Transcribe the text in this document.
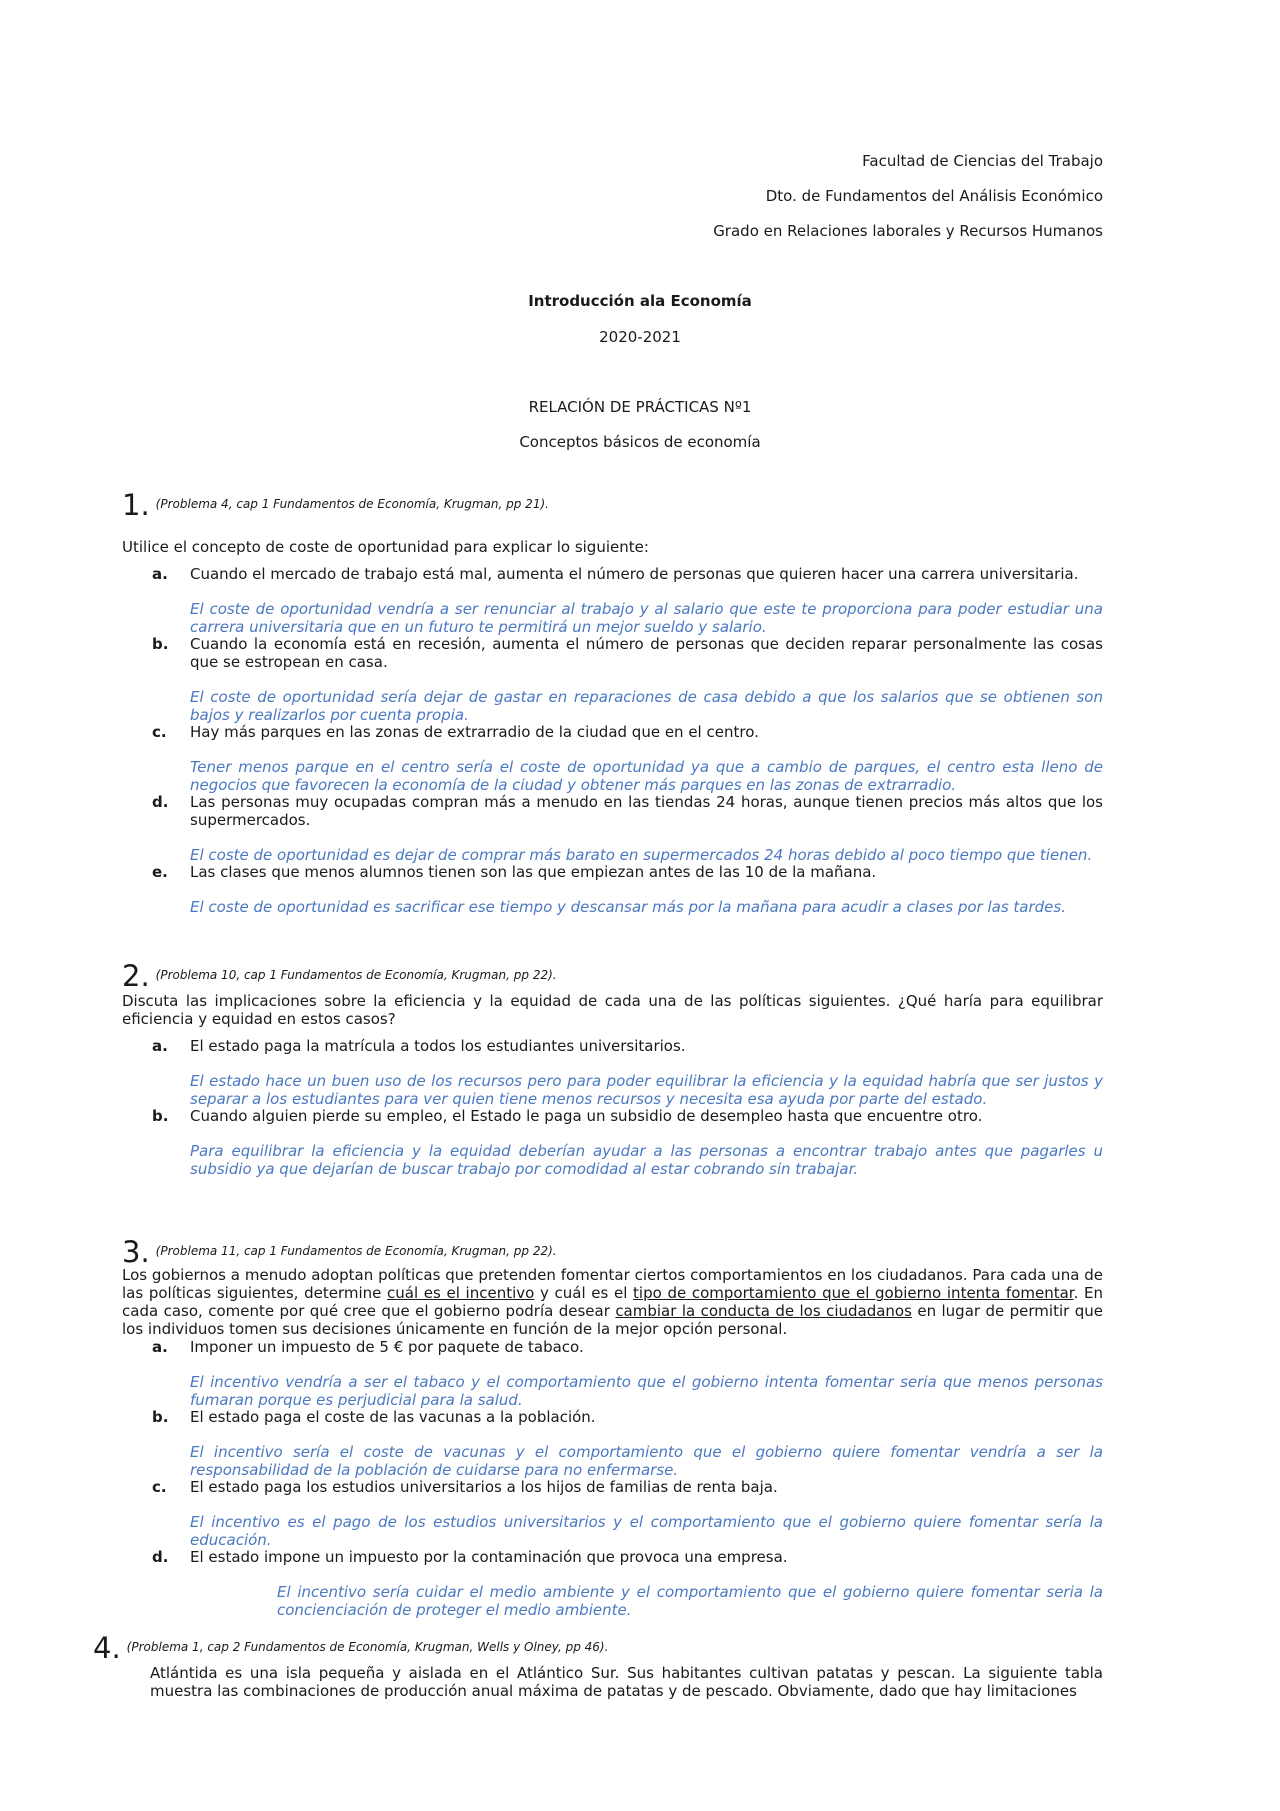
Facultad de Ciencias del Trabajo
Dto. de Fundamentos del Análisis Económico
Grado en Relaciones laborales y Recursos Humanos
Introducción ala Economía
2020-2021
RELACIÓN DE PRÁCTICAS Nº1
Conceptos básicos de economía
1. (Problema 4, cap 1 Fundamentos de Economía, Krugman, pp 21).
Utilice el concepto de coste de oportunidad para explicar lo siguiente:
a.	Cuando el mercado de trabajo está mal, aumenta el número de personas que quieren hacer una carrera universitaria.
El coste de oportunidad vendría a ser renunciar al trabajo y al salario que este te proporciona para poder estudiar una carrera universitaria que en un futuro te permitirá un mejor sueldo y salario.
b.	Cuando la economía está en recesión, aumenta el número de personas que deciden reparar personalmente las cosas que se estropean en casa.
El coste de oportunidad sería dejar de gastar en reparaciones de casa debido a que los salarios que se obtienen son bajos y realizarlos por cuenta propia.
c.	Hay más parques en las zonas de extrarradio de la ciudad que en el centro.
Tener menos parque en el centro sería el coste de oportunidad ya que a cambio de parques, el centro esta lleno de negocios que favorecen la economía de la ciudad y obtener más parques en las zonas de extrarradio.
d.	Las personas muy ocupadas compran más a menudo en las tiendas 24 horas, aunque tienen precios más altos que los supermercados.
El coste de oportunidad es dejar de comprar más barato en supermercados 24 horas debido al poco tiempo que tienen.
e.	Las clases que menos alumnos tienen son las que empiezan antes de las 10 de la mañana.
El coste de oportunidad es sacrificar ese tiempo y descansar más por la mañana para acudir a clases por las tardes.
2. (Problema 10, cap 1 Fundamentos de Economía, Krugman, pp 22).
Discuta las implicaciones sobre la eficiencia y la equidad de cada una de las políticas siguientes. ¿Qué haría para equilibrar eficiencia y equidad en estos casos?
a.	El estado paga la matrícula a todos los estudiantes universitarios.
El estado hace un buen uso de los recursos pero para poder equilibrar la eficiencia y la equidad habría que ser justos y separar a los estudiantes para ver quien tiene menos recursos y necesita esa ayuda por parte del estado.
b.	Cuando alguien pierde su empleo, el Estado le paga un subsidio de desempleo hasta que encuentre otro.
Para equilibrar la eficiencia y la equidad deberían ayudar a las personas a encontrar trabajo antes que pagarles u subsidio ya que dejarían de buscar trabajo por comodidad al estar cobrando sin trabajar.
3. (Problema 11, cap 1 Fundamentos de Economía, Krugman, pp 22).
Los gobiernos a menudo adoptan políticas que pretenden fomentar ciertos comportamientos en los ciudadanos. Para cada una de las políticas siguientes, determine cuál es el incentivo y cuál es el tipo de comportamiento que el gobierno intenta fomentar. En cada caso, comente por qué cree que el gobierno podría desear cambiar la conducta de los ciudadanos en lugar de permitir que los individuos tomen sus decisiones únicamente en función de la mejor opción personal.
a.	Imponer un impuesto de 5 € por paquete de tabaco.
El incentivo vendría a ser el tabaco y el comportamiento que el gobierno intenta fomentar seria que menos personas fumaran porque es perjudicial para la salud.
b.	El estado paga el coste de las vacunas a la población.
El incentivo sería el coste de vacunas y el comportamiento que el gobierno quiere fomentar vendría a ser la responsabilidad de la población de cuidarse para no enfermarse.
c.	El estado paga los estudios universitarios a los hijos de familias de renta baja.
El incentivo es el pago de los estudios universitarios y el comportamiento que el gobierno quiere fomentar sería la educación.
d.	El estado impone un impuesto por la contaminación que provoca una empresa.
El incentivo sería cuidar el medio ambiente y el comportamiento que el gobierno quiere fomentar seria la concienciación de proteger el medio ambiente.
4. (Problema 1, cap 2 Fundamentos de Economía, Krugman, Wells y Olney, pp 46).
Atlántida es una isla pequeña y aislada en el Atlántico Sur. Sus habitantes cultivan patatas y pescan. La siguiente tabla muestra las combinaciones de producción anual máxima de patatas y de pescado. Obviamente, dado que hay limitaciones
